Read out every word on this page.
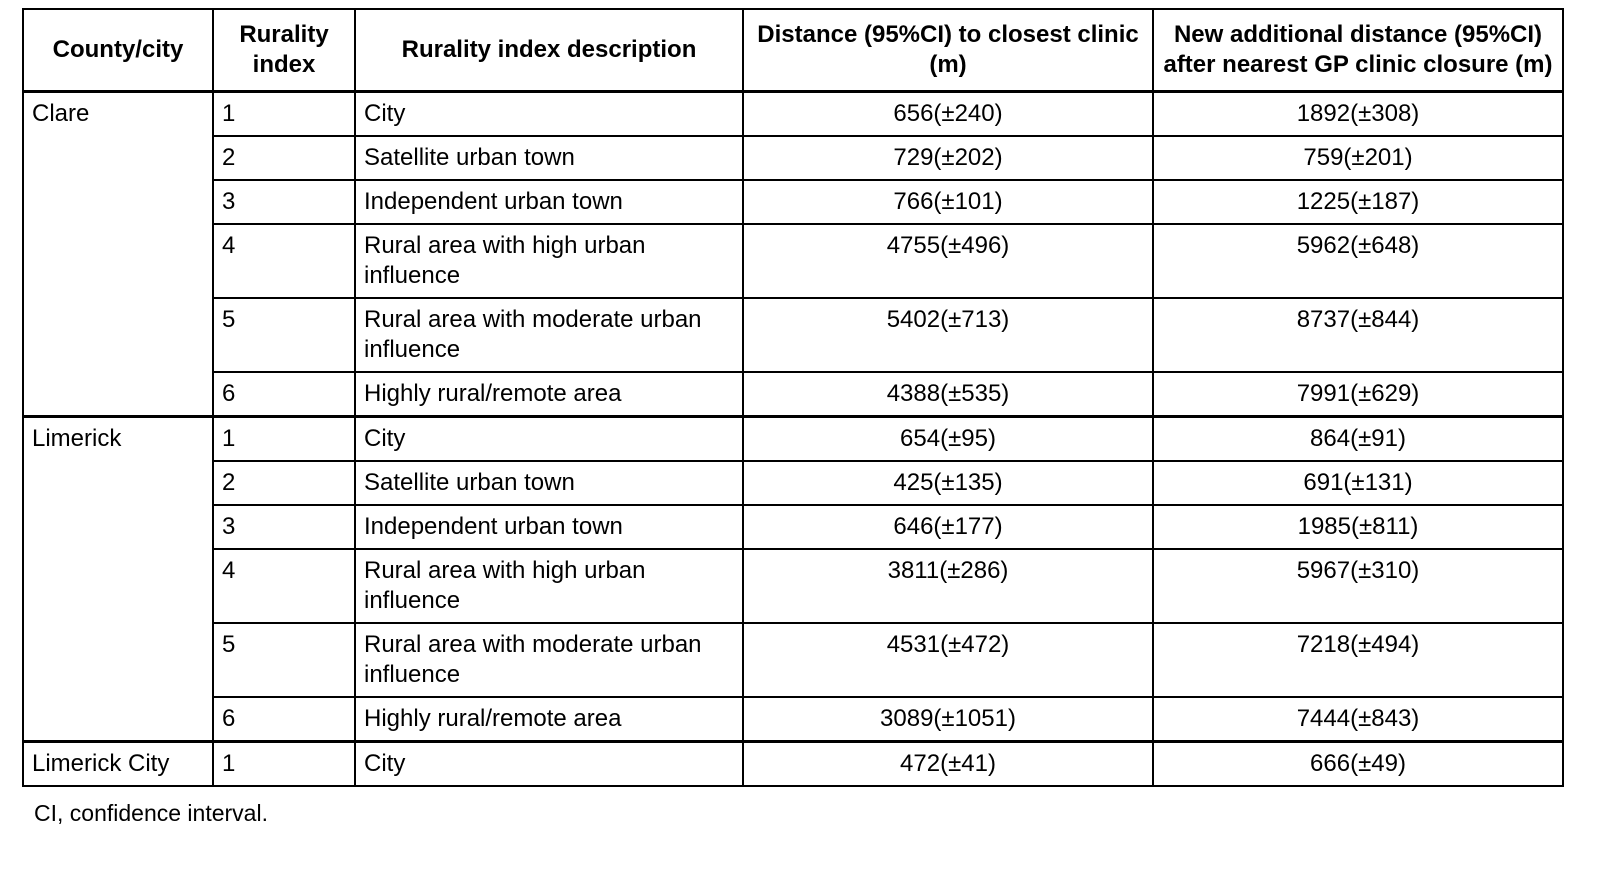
County/city	Rurality index	Rurality index description	Distance (95%CI) to closest clinic (m)	New additional distance (95%CI) after nearest GP clinic closure (m)
Clare	1	City	656(±240)	1892(±308)
	2	Satellite urban town	729(±202)	759(±201)
	3	Independent urban town	766(±101)	1225(±187)
	4	Rural area with high urban influence	4755(±496)	5962(±648)
	5	Rural area with moderate urban influence	5402(±713)	8737(±844)
	6	Highly rural/remote area	4388(±535)	7991(±629)
Limerick	1	City	654(±95)	864(±91)
	2	Satellite urban town	425(±135)	691(±131)
	3	Independent urban town	646(±177)	1985(±811)
	4	Rural area with high urban influence	3811(±286)	5967(±310)
	5	Rural area with moderate urban influence	4531(±472)	7218(±494)
	6	Highly rural/remote area	3089(±1051)	7444(±843)
Limerick City	1	City	472(±41)	666(±49)
CI, confidence interval.
